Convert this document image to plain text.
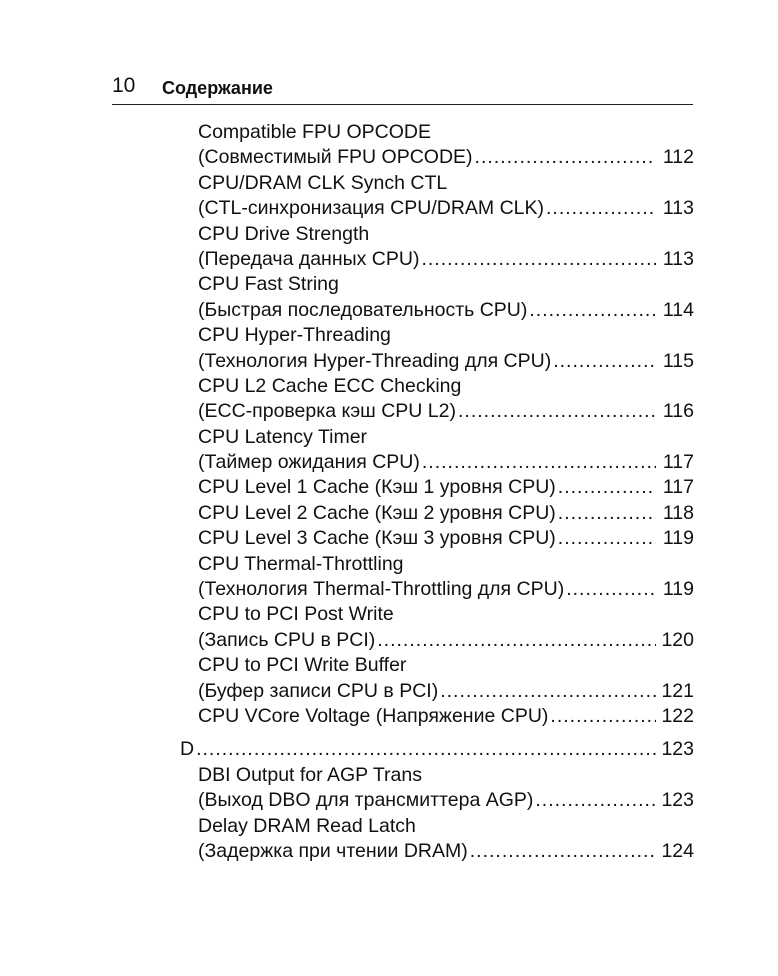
10 Содержание
Compatible FPU OPCODE
(Совместимый FPU OPCODE) .....	112
CPU/DRAM CLK Synch CTL
(CTL-синхронизация CPU/DRAM CLK) .....	113
CPU Drive Strength
(Передача данных CPU) .....	113
CPU Fast String
(Быстрая последовательность CPU) .....	114
CPU Hyper-Threading
(Технология Hyper-Threading для CPU) .....	115
CPU L2 Cache ECC Checking
(ECC-проверка кэш CPU L2) .....	116
CPU Latency Timer
(Таймер ожидания CPU) .....	117
CPU Level 1 Cache (Кэш 1 уровня CPU) .....	117
CPU Level 2 Cache (Кэш 2 уровня CPU) .....	118
CPU Level 3 Cache (Кэш 3 уровня CPU) .....	119
CPU Thermal-Throttling
(Технология Thermal-Throttling для CPU) .....	119
CPU to PCI Post Write
(Запись CPU в PCI) .....	120
CPU to PCI Write Buffer
(Буфер записи CPU в PCI) .....	121
CPU VCore Voltage (Напряжение CPU) .....	122
D .....	123
DBI Output for AGP Trans
(Выход DBO для трансмиттера AGP) .....	123
Delay DRAM Read Latch
(Задержка при чтении DRAM) .....	124
